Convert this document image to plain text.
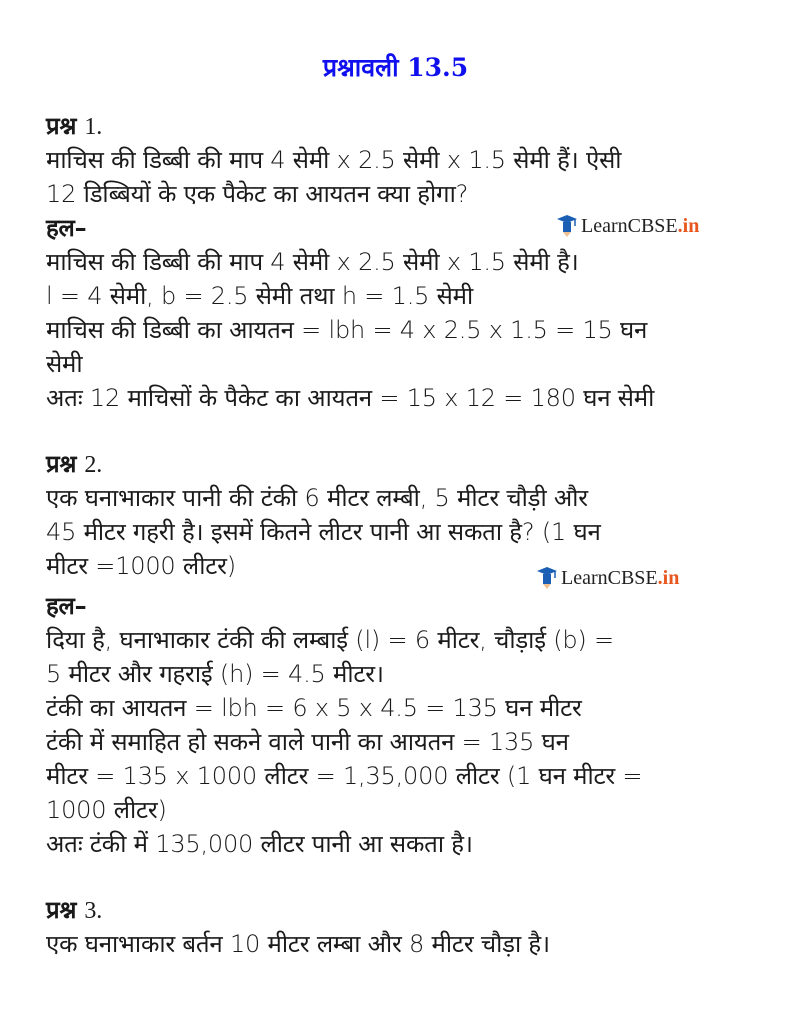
प्रश्नावली 13.5
प्रश्न 1.
माचिस की डिब्बी की माप 4 सेमी x 2.5 सेमी x 1.5 सेमी हैं। ऐसी
12 डिब्बियों के एक पैकेट का आयतन क्या होगा?
हल–	LearnCBSE.in
माचिस की डिब्बी की माप 4 सेमी x 2.5 सेमी x 1.5 सेमी है।
l = 4 सेमी, b = 2.5 सेमी तथा h = 1.5 सेमी
माचिस की डिब्बी का आयतन = lbh = 4 x 2.5 x 1.5 = 15 घन
सेमी
अतः 12 माचिसों के पैकेट का आयतन = 15 x 12 = 180 घन सेमी
प्रश्न 2.
एक घनाभाकार पानी की टंकी 6 मीटर लम्बी, 5 मीटर चौड़ी और
45 मीटर गहरी है। इसमें कितने लीटर पानी आ सकता है? (1 घन
मीटर =1000 लीटर)	LearnCBSE.in
हल–
दिया है, घनाभाकार टंकी की लम्बाई (l) = 6 मीटर, चौड़ाई (b) =
5 मीटर और गहराई (h) = 4.5 मीटर।
टंकी का आयतन = lbh = 6 x 5 x 4.5 = 135 घन मीटर
टंकी में समाहित हो सकने वाले पानी का आयतन = 135 घन
मीटर = 135 x 1000 लीटर = 1,35,000 लीटर (1 घन मीटर =
1000 लीटर)
अतः टंकी में 135,000 लीटर पानी आ सकता है।
प्रश्न 3.
एक घनाभाकार बर्तन 10 मीटर लम्बा और 8 मीटर चौड़ा है।
